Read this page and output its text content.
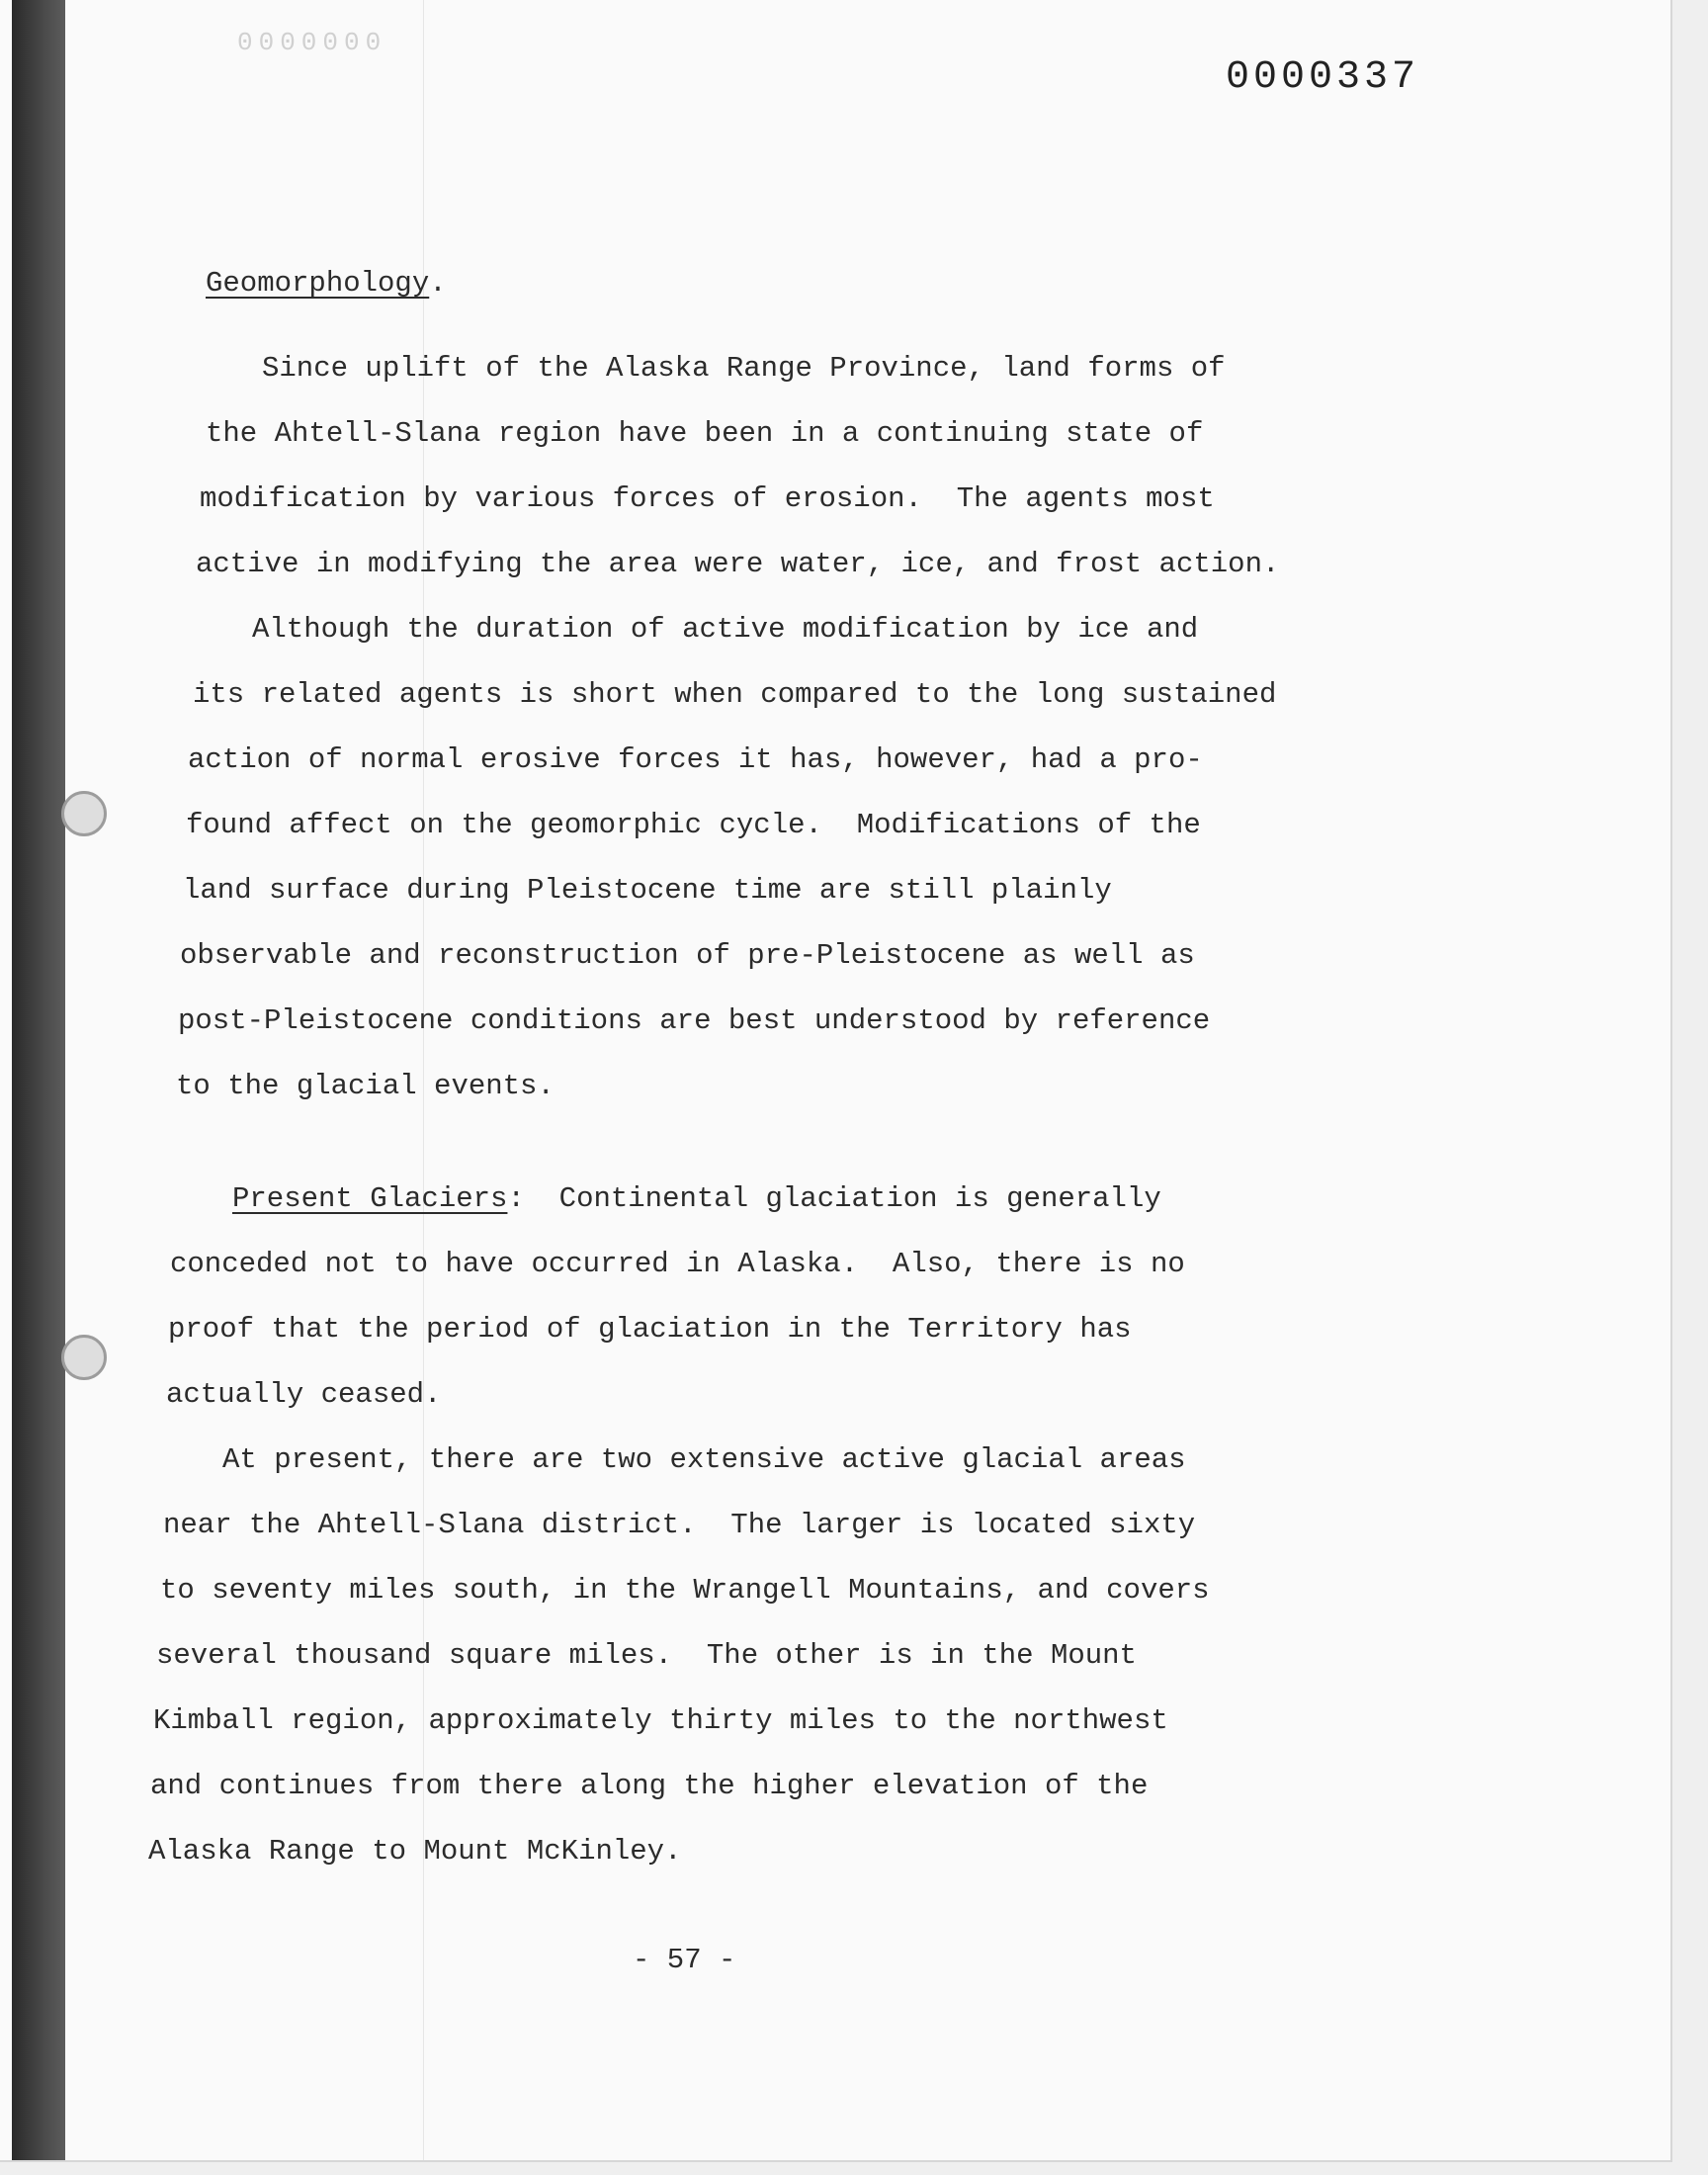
0000000
0000337
Geomorphology.
Since uplift of the Alaska Range Province, land forms of
the Ahtell-Slana region have been in a continuing state of
modification by various forces of erosion.  The agents most
active in modifying the area were water, ice, and frost action.
Although the duration of active modification by ice and
its related agents is short when compared to the long sustained
action of normal erosive forces it has, however, had a pro-
found affect on the geomorphic cycle.  Modifications of the
land surface during Pleistocene time are still plainly
observable and reconstruction of pre-Pleistocene as well as
post-Pleistocene conditions are best understood by reference
to the glacial events.
Present Glaciers:  Continental glaciation is generally
conceded not to have occurred in Alaska.  Also, there is no
proof that the period of glaciation in the Territory has
actually ceased.
At present, there are two extensive active glacial areas
near the Ahtell-Slana district.  The larger is located sixty
to seventy miles south, in the Wrangell Mountains, and covers
several thousand square miles.  The other is in the Mount
Kimball region, approximately thirty miles to the northwest
and continues from there along the higher elevation of the
Alaska Range to Mount McKinley.
- 57 -
